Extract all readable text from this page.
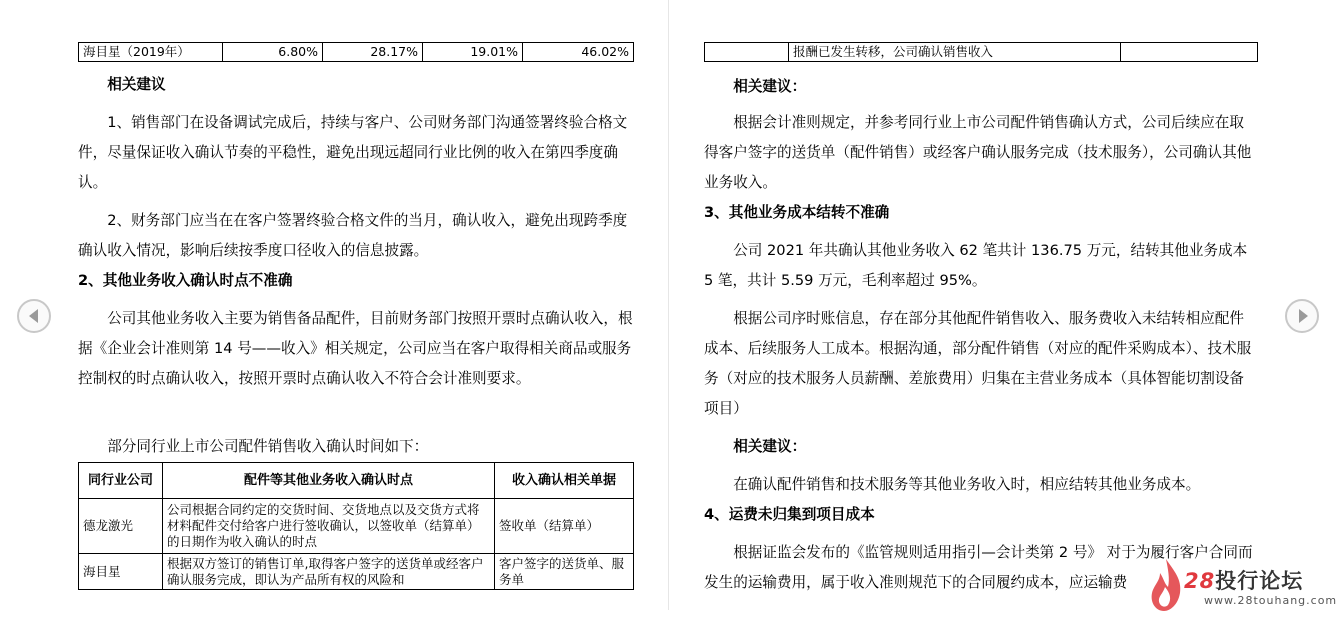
海目星（2019年）	6.80%	28.17%	19.01%	46.02%

相关建议

1、销售部门在设备调试完成后，持续与客户、公司财务部门沟通签署终验合格文件，尽量保证收入确认节奏的平稳性，避免出现远超同行业比例的收入在第四季度确认。

2、财务部门应当在在客户签署终验合格文件的当月，确认收入，避免出现跨季度确认收入情况，影响后续按季度口径收入的信息披露。

2、其他业务收入确认时点不准确

公司其他业务收入主要为销售备品配件，目前财务部门按照开票时点确认收入，根据《企业会计准则第 14 号——收入》相关规定，公司应当在客户取得相关商品或服务控制权的时点确认收入，按照开票时点确认收入不符合会计准则要求。

部分同行业上市公司配件销售收入确认时间如下：

同行业公司	配件等其他业务收入确认时点	收入确认相关单据
德龙激光	公司根据合同约定的交货时间、交货地点以及交货方式将材料配件交付给客户进行签收确认，以签收单（结算单）的日期作为收入确认的时点	签收单（结算单）
海目星	根据双方签订的销售订单,取得客户签字的送货单或经客户确认服务完成，即认为产品所有权的风险和	客户签字的送货单、服务单
	报酬已发生转移，公司确认销售收入	

相关建议：

根据会计准则规定，并参考同行业上市公司配件销售确认方式，公司后续应在取得客户签字的送货单（配件销售）或经客户确认服务完成（技术服务），公司确认其他业务收入。

3、其他业务成本结转不准确

公司 2021 年共确认其他业务收入 62 笔共计 136.75 万元，结转其他业务成本 5 笔，共计 5.59 万元，毛利率超过 95%。

根据公司序时账信息，存在部分其他配件销售收入、服务费收入未结转相应配件成本、后续服务人工成本。根据沟通，部分配件销售（对应的配件采购成本）、技术服务（对应的技术服务人员薪酬、差旅费用）归集在主营业务成本（具体智能切割设备项目）

相关建议：

在确认配件销售和技术服务等其他业务收入时，相应结转其他业务成本。

4、运费未归集到项目成本

根据证监会发布的《监管规则适用指引—会计类第 2 号》 对于为履行客户合同而发生的运输费用，属于收入准则规范下的合同履约成本，应运输费	28投行论坛
www.28touhang.com
